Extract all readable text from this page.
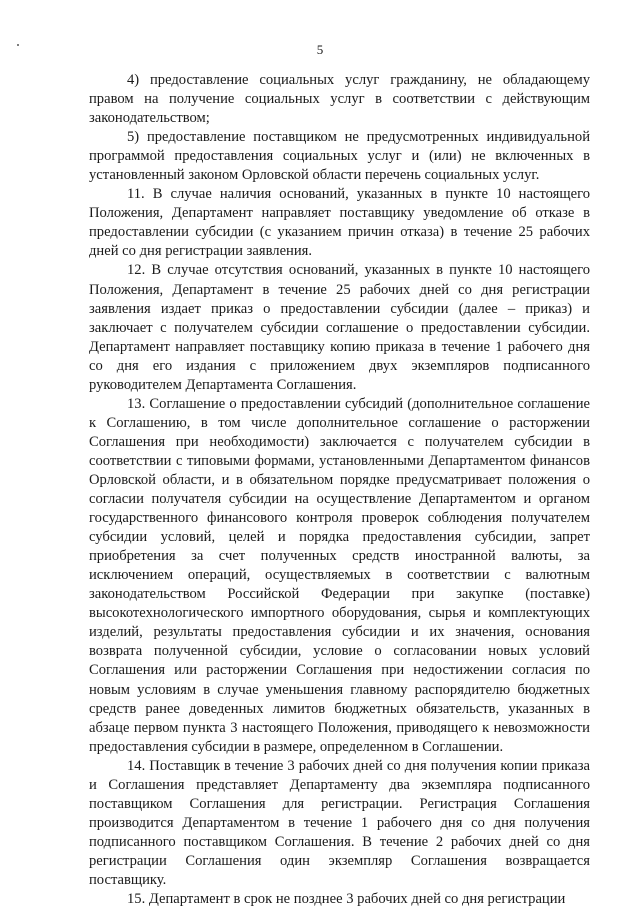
5

4) предоставление социальных услуг гражданину, не обладающему правом на получение социальных услуг в соответствии с действующим законодательством;

5) предоставление поставщиком не предусмотренных индивидуальной программой предоставления социальных услуг и (или) не включенных в установленный законом Орловской области перечень социальных услуг.

11. В случае наличия оснований, указанных в пункте 10 настоящего Положения, Департамент направляет поставщику уведомление об отказе в предоставлении субсидии (с указанием причин отказа) в течение 25 рабочих дней со дня регистрации заявления.

12. В случае отсутствия оснований, указанных в пункте 10 настоящего Положения, Департамент в течение 25 рабочих дней со дня регистрации заявления издает приказ о предоставлении субсидии (далее – приказ) и заключает с получателем субсидии соглашение о предоставлении субсидии. Департамент направляет поставщику копию приказа в течение 1 рабочего дня со дня его издания с приложением двух экземпляров подписанного руководителем Департамента Соглашения.

13. Соглашение о предоставлении субсидий (дополнительное соглашение к Соглашению, в том числе дополнительное соглашение о расторжении Соглашения при необходимости) заключается с получателем субсидии в соответствии с типовыми формами, установленными Департаментом финансов Орловской области, и в обязательном порядке предусматривает положения о согласии получателя субсидии на осуществление Департаментом и органом государственного финансового контроля проверок соблюдения получателем субсидии условий, целей и порядка предоставления субсидии, запрет приобретения за счет полученных средств иностранной валюты, за исключением операций, осуществляемых в соответствии с валютным законодательством Российской Федерации при закупке (поставке) высокотехнологического импортного оборудования, сырья и комплектующих изделий, результаты предоставления субсидии и их значения, основания возврата полученной субсидии, условие о согласовании новых условий Соглашения или расторжении Соглашения при недостижении согласия по новым условиям в случае уменьшения главному распорядителю бюджетных средств ранее доведенных лимитов бюджетных обязательств, указанных в абзаце первом пункта 3 настоящего Положения, приводящего к невозможности предоставления субсидии в размере, определенном в Соглашении.

14. Поставщик в течение 3 рабочих дней со дня получения копии приказа и Соглашения представляет Департаменту два экземпляра подписанного поставщиком Соглашения для регистрации. Регистрация Соглашения производится Департаментом в течение 1 рабочего дня со дня получения подписанного поставщиком Соглашения. В течение 2 рабочих дней со дня регистрации Соглашения один экземпляр Соглашения возвращается поставщику.

15. Департамент в срок не позднее 3 рабочих дней со дня регистрации
